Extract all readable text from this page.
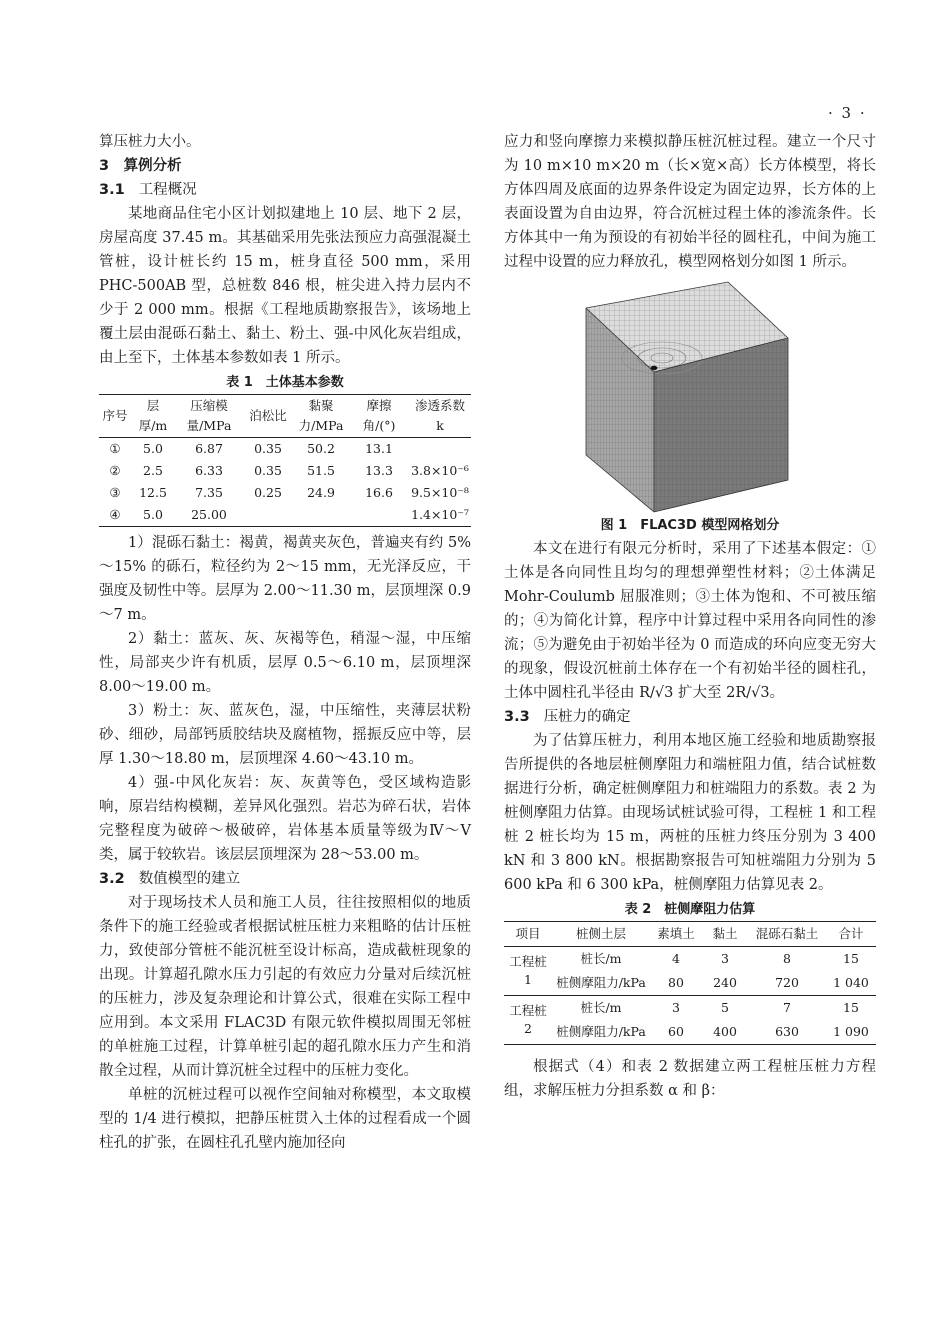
· 3 ·

算压桩力大小。

3　算例分析

3.1 工程概况

某地商品住宅小区计划拟建地上 10 层、地下 2 层，房屋高度 37.45 m。其基础采用先张法预应力高强混凝土管桩，设计桩长约 15 m，桩身直径 500 mm，采用 PHC-500AB 型，总桩数 846 根，桩尖进入持力层内不少于 2 000 mm。根据《工程地质勘察报告》，该场地上覆土层由混砾石黏土、黏土、粉土、强-中风化灰岩组成，由上至下，土体基本参数如表 1 所示。

表 1　土体基本参数

序号	层厚/m	压缩模量/MPa	泊松比	黏聚力/MPa	摩擦角/(°)	渗透系数 k
①	5.0	6.87	0.35	50.2	13.1	
②	2.5	6.33	0.35	51.5	13.3	3.8×10⁻⁶
③	12.5	7.35	0.25	24.9	16.6	9.5×10⁻⁸
④	5.0	25.00				1.4×10⁻⁷

1）混砾石黏土：褐黄，褐黄夹灰色，普遍夹有约 5%～15% 的砾石，粒径约为 2～15 mm，无光泽反应，干强度及韧性中等。层厚为 2.00～11.30 m，层顶埋深 0.9～7 m。

2）黏土：蓝灰、灰、灰褐等色，稍湿～湿，中压缩性，局部夹少许有机质，层厚 0.5～6.10 m，层顶埋深 8.00～19.00 m。

3）粉土：灰、蓝灰色，湿，中压缩性，夹薄层状粉砂、细砂，局部钙质胶结块及腐植物，摇振反应中等，层厚 1.30～18.80 m，层顶埋深 4.60～43.10 m。

4）强-中风化灰岩：灰、灰黄等色，受区域构造影响，原岩结构模糊，差异风化强烈。岩芯为碎石状，岩体完整程度为破碎～极破碎，岩体基本质量等级为Ⅳ～Ⅴ类，属于较软岩。该层层顶埋深为 28～53.00 m。

3.2 数值模型的建立

对于现场技术人员和施工人员，往往按照相似的地质条件下的施工经验或者根据试桩压桩力来粗略的估计压桩力，致使部分管桩不能沉桩至设计标高，造成截桩现象的出现。计算超孔隙水压力引起的有效应力分量对后续沉桩的压桩力，涉及复杂理论和计算公式，很难在实际工程中应用到。本文采用 FLAC3D 有限元软件模拟周围无邻桩的单桩施工过程，计算单桩引起的超孔隙水压力产生和消散全过程，从而计算沉桩全过程中的压桩力变化。

单桩的沉桩过程可以视作空间轴对称模型，本文取模型的 1/4 进行模拟，把静压桩贯入土体的过程看成一个圆柱孔的扩张，在圆柱孔孔壁内施加径向

应力和竖向摩擦力来模拟静压桩沉桩过程。建立一个尺寸为 10 m×10 m×20 m（长×宽×高）长方体模型，将长方体四周及底面的边界条件设定为固定边界，长方体的上表面设置为自由边界，符合沉桩过程土体的渗流条件。长方体其中一角为预设的有初始半径的圆柱孔，中间为施工过程中设置的应力释放孔，模型网格划分如图 1 所示。

图 1　FLAC3D 模型网格划分

本文在进行有限元分析时，采用了下述基本假定：①土体是各向同性且均匀的理想弹塑性材料；②土体满足 Mohr-Coulumb 屈服准则；③土体为饱和、不可被压缩的；④为简化计算，程序中计算过程中采用各向同性的渗流；⑤为避免由于初始半径为 0 而造成的环向应变无穷大的现象，假设沉桩前土体存在一个有初始半径的圆柱孔，土体中圆柱孔半径由 R/√3 扩大至 2R/√3。

3.3 压桩力的确定

为了估算压桩力，利用本地区施工经验和地质勘察报告所提供的各地层桩侧摩阻力和端桩阻力值，结合试桩数据进行分析，确定桩侧摩阻力和桩端阻力的系数。表 2 为桩侧摩阻力估算。由现场试桩试验可得，工程桩 1 和工程桩 2 桩长均为 15 m，两桩的压桩力终压分别为 3 400 kN 和 3 800 kN。根据勘察报告可知桩端阻力分别为 5 600 kPa 和 6 300 kPa，桩侧摩阻力估算见表 2。

表 2　桩侧摩阻力估算

项目	桩侧土层	素填土	黏土	混砾石黏土	合计
工程桩 1	桩长/m	4	3	8	15
	桩侧摩阻力/kPa	80	240	720	1 040
工程桩 2	桩长/m	3	5	7	15
	桩侧摩阻力/kPa	60	400	630	1 090

根据式（4）和表 2 数据建立两工程桩压桩力方程组，求解压桩力分担系数 α 和 β：
